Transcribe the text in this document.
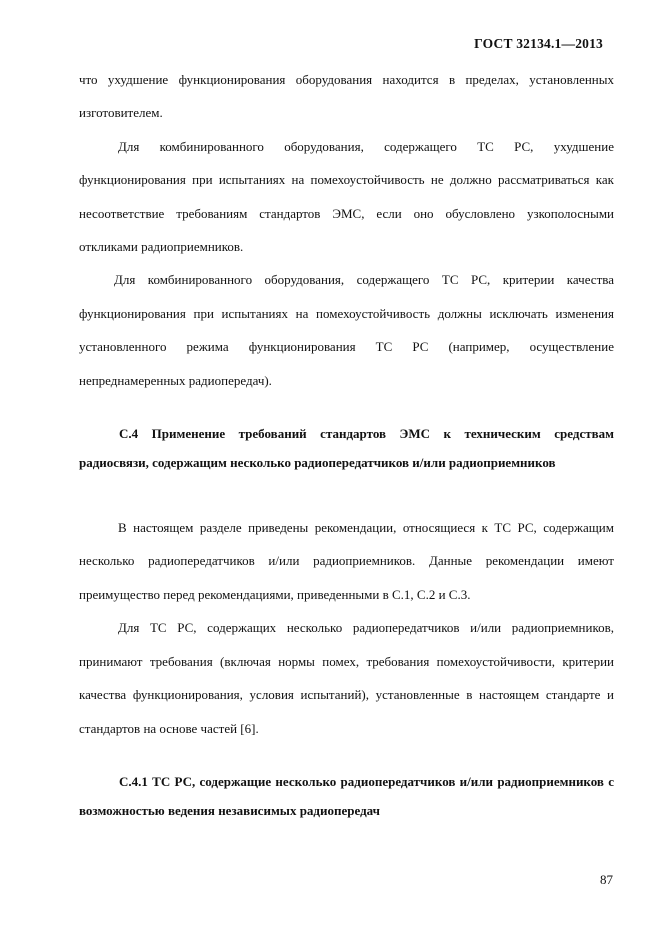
ГОСТ 32134.1—2013

что ухудшение функционирования оборудования находится в пределах, установленных изготовителем.

Для комбинированного оборудования, содержащего ТС РС, ухудшение функционирования при испытаниях на помехоустойчивость не должно рассматриваться как несоответствие требованиям стандартов ЭМС, если оно обусловлено узкополосными откликами радиоприемников.

Для комбинированного оборудования, содержащего ТС РС, критерии качества функционирования при испытаниях на помехоустойчивость должны исключать изменения установленного режима функционирования ТС РС (например, осуществление непреднамеренных радиопередач).

С.4 Применение требований стандартов ЭМС к техническим средствам радиосвязи, содержащим несколько радиопередатчиков и/или радиоприемников

В настоящем разделе приведены рекомендации, относящиеся к ТС РС, содержащим несколько радиопередатчиков и/или радиоприемников. Данные рекомендации имеют преимущество перед рекомендациями, приведенными в С.1, С.2 и С.3.

Для ТС РС, содержащих несколько радиопередатчиков и/или радиоприемников, принимают требования (включая нормы помех, требования помехоустойчивости, критерии качества функционирования, условия испытаний), установленные в настоящем стандарте и стандартов на основе частей [6].

С.4.1 ТС РС, содержащие несколько радиопередатчиков и/или радиоприемников с возможностью ведения независимых радиопередач

87
